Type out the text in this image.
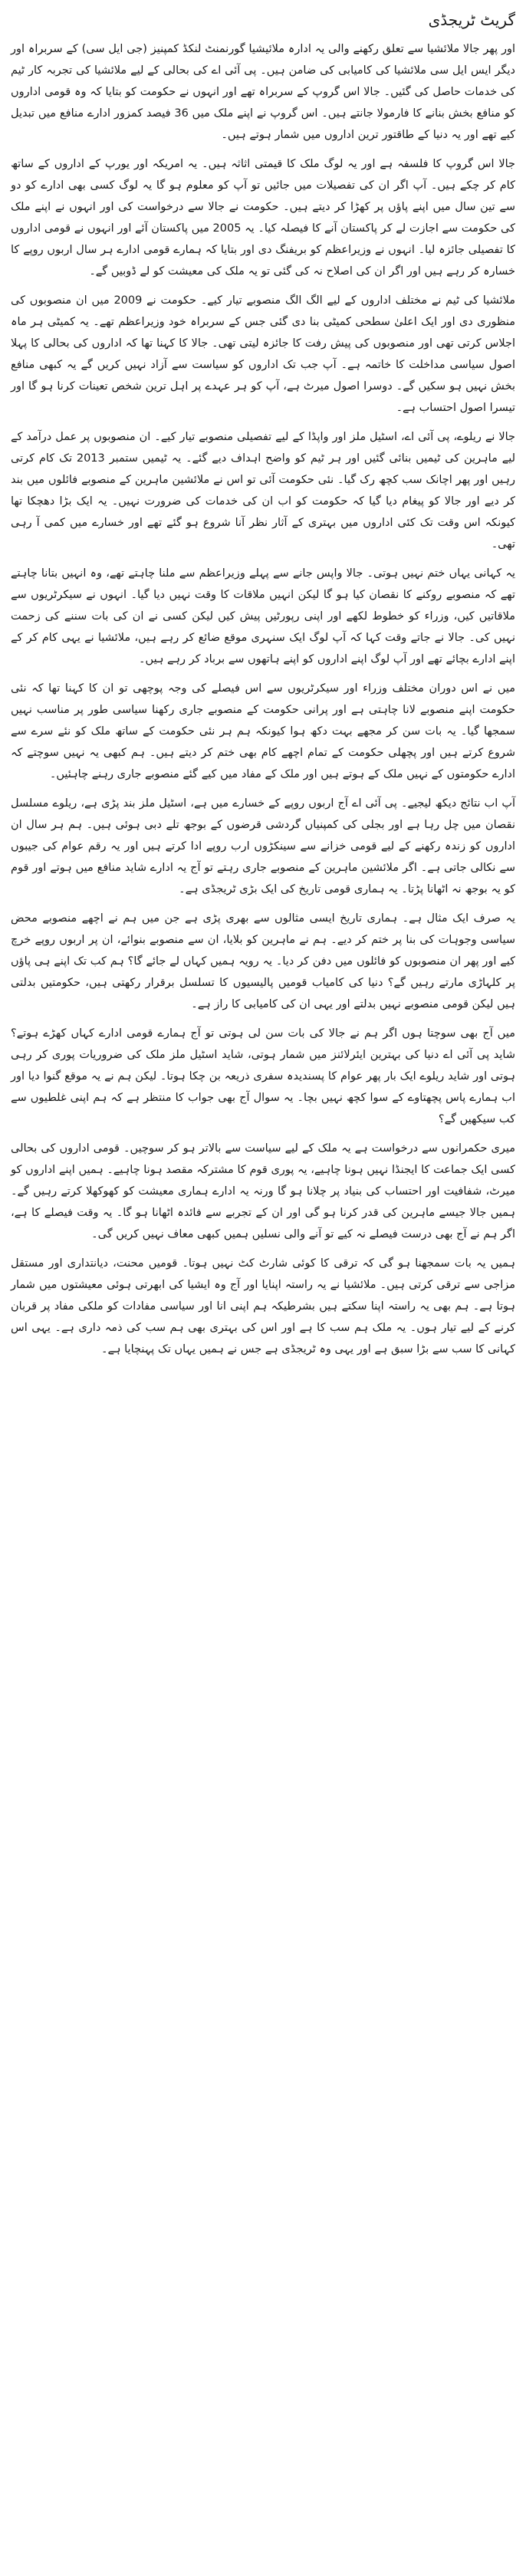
گریٹ ٹریجڈی

اور پھر جالا ملائشیا سے تعلق رکھنے والی یہ ادارہ ملائیشیا گورنمنٹ لنکڈ کمپنیز (جی ایل سی) کے سربراہ اور دیگر ایس ایل سی ملائشیا کی کامیابی کی ضامن ہیں۔ پی آئی اے کی بحالی کے لیے ملائشیا کی تجربہ کار ٹیم کی خدمات حاصل کی گئیں۔ جالا اس گروپ کے سربراہ تھے اور انہوں نے حکومت کو بتایا کہ وہ قومی اداروں کو منافع بخش بنانے کا فارمولا جانتے ہیں۔ اس گروپ نے اپنے ملک میں 36 فیصد کمزور ادارے منافع میں تبدیل کیے تھے اور یہ دنیا کے طاقتور ترین اداروں میں شمار ہوتے ہیں۔

جالا اس گروپ کا فلسفہ ہے اور یہ لوگ ملک کا قیمتی اثاثہ ہیں۔ یہ امریکہ اور یورپ کے اداروں کے ساتھ کام کر چکے ہیں۔ آپ اگر ان کی تفصیلات میں جائیں تو آپ کو معلوم ہو گا یہ لوگ کسی بھی ادارے کو دو سے تین سال میں اپنے پاؤں پر کھڑا کر دیتے ہیں۔ حکومت نے جالا سے درخواست کی اور انہوں نے اپنے ملک کی حکومت سے اجازت لے کر پاکستان آنے کا فیصلہ کیا۔ یہ 2005 میں پاکستان آئے اور انہوں نے قومی اداروں کا تفصیلی جائزہ لیا۔ انہوں نے وزیراعظم کو بریفنگ دی اور بتایا کہ ہمارے قومی ادارے ہر سال اربوں روپے کا خسارہ کر رہے ہیں اور اگر ان کی اصلاح نہ کی گئی تو یہ ملک کی معیشت کو لے ڈوبیں گے۔

ملائشیا کی ٹیم نے مختلف اداروں کے لیے الگ الگ منصوبے تیار کیے۔ حکومت نے 2009 میں ان منصوبوں کی منظوری دی اور ایک اعلیٰ سطحی کمیٹی بنا دی گئی جس کے سربراہ خود وزیراعظم تھے۔ یہ کمیٹی ہر ماہ اجلاس کرتی تھی اور منصوبوں کی پیش رفت کا جائزہ لیتی تھی۔ جالا کا کہنا تھا کہ اداروں کی بحالی کا پہلا اصول سیاسی مداخلت کا خاتمہ ہے۔ آپ جب تک اداروں کو سیاست سے آزاد نہیں کریں گے یہ کبھی منافع بخش نہیں ہو سکیں گے۔ دوسرا اصول میرٹ ہے، آپ کو ہر عہدے پر اہل ترین شخص تعینات کرنا ہو گا اور تیسرا اصول احتساب ہے۔

جالا نے ریلوے، پی آئی اے، اسٹیل ملز اور واپڈا کے لیے تفصیلی منصوبے تیار کیے۔ ان منصوبوں پر عمل درآمد کے لیے ماہرین کی ٹیمیں بنائی گئیں اور ہر ٹیم کو واضح اہداف دیے گئے۔ یہ ٹیمیں ستمبر 2013 تک کام کرتی رہیں اور پھر اچانک سب کچھ رک گیا۔ نئی حکومت آئی تو اس نے ملائشین ماہرین کے منصوبے فائلوں میں بند کر دیے اور جالا کو پیغام دیا گیا کہ حکومت کو اب ان کی خدمات کی ضرورت نہیں۔ یہ ایک بڑا دھچکا تھا کیونکہ اس وقت تک کئی اداروں میں بہتری کے آثار نظر آنا شروع ہو گئے تھے اور خسارے میں کمی آ رہی تھی۔

یہ کہانی یہاں ختم نہیں ہوتی۔ جالا واپس جانے سے پہلے وزیراعظم سے ملنا چاہتے تھے، وہ انہیں بتانا چاہتے تھے کہ منصوبے روکنے کا نقصان کیا ہو گا لیکن انہیں ملاقات کا وقت نہیں دیا گیا۔ انہوں نے سیکرٹریوں سے ملاقاتیں کیں، وزراء کو خطوط لکھے اور اپنی رپورٹیں پیش کیں لیکن کسی نے ان کی بات سننے کی زحمت نہیں کی۔ جالا نے جاتے وقت کہا کہ آپ لوگ ایک سنہری موقع ضائع کر رہے ہیں، ملائشیا نے یہی کام کر کے اپنے ادارے بچائے تھے اور آپ لوگ اپنے اداروں کو اپنے ہاتھوں سے برباد کر رہے ہیں۔

میں نے اس دوران مختلف وزراء اور سیکرٹریوں سے اس فیصلے کی وجہ پوچھی تو ان کا کہنا تھا کہ نئی حکومت اپنے منصوبے لانا چاہتی ہے اور پرانی حکومت کے منصوبے جاری رکھنا سیاسی طور پر مناسب نہیں سمجھا گیا۔ یہ بات سن کر مجھے بہت دکھ ہوا کیونکہ ہم ہر نئی حکومت کے ساتھ ملک کو نئے سرے سے شروع کرتے ہیں اور پچھلی حکومت کے تمام اچھے کام بھی ختم کر دیتے ہیں۔ ہم کبھی یہ نہیں سوچتے کہ ادارے حکومتوں کے نہیں ملک کے ہوتے ہیں اور ملک کے مفاد میں کیے گئے منصوبے جاری رہنے چاہئیں۔

آپ اب نتائج دیکھ لیجیے۔ پی آئی اے آج اربوں روپے کے خسارے میں ہے، اسٹیل ملز بند پڑی ہے، ریلوے مسلسل نقصان میں چل رہا ہے اور بجلی کی کمپنیاں گردشی قرضوں کے بوجھ تلے دبی ہوئی ہیں۔ ہم ہر سال ان اداروں کو زندہ رکھنے کے لیے قومی خزانے سے سینکڑوں ارب روپے ادا کرتے ہیں اور یہ رقم عوام کی جیبوں سے نکالی جاتی ہے۔ اگر ملائشین ماہرین کے منصوبے جاری رہتے تو آج یہ ادارے شاید منافع میں ہوتے اور قوم کو یہ بوجھ نہ اٹھانا پڑتا۔ یہ ہماری قومی تاریخ کی ایک بڑی ٹریجڈی ہے۔

یہ صرف ایک مثال ہے۔ ہماری تاریخ ایسی مثالوں سے بھری پڑی ہے جن میں ہم نے اچھے منصوبے محض سیاسی وجوہات کی بنا پر ختم کر دیے۔ ہم نے ماہرین کو بلایا، ان سے منصوبے بنوائے، ان پر اربوں روپے خرچ کیے اور پھر ان منصوبوں کو فائلوں میں دفن کر دیا۔ یہ رویہ ہمیں کہاں لے جائے گا؟ ہم کب تک اپنے ہی پاؤں پر کلہاڑی مارتے رہیں گے؟ دنیا کی کامیاب قومیں پالیسیوں کا تسلسل برقرار رکھتی ہیں، حکومتیں بدلتی ہیں لیکن قومی منصوبے نہیں بدلتے اور یہی ان کی کامیابی کا راز ہے۔

میں آج بھی سوچتا ہوں اگر ہم نے جالا کی بات سن لی ہوتی تو آج ہمارے قومی ادارے کہاں کھڑے ہوتے؟ شاید پی آئی اے دنیا کی بہترین ایئرلائنز میں شمار ہوتی، شاید اسٹیل ملز ملک کی ضروریات پوری کر رہی ہوتی اور شاید ریلوے ایک بار پھر عوام کا پسندیدہ سفری ذریعہ بن چکا ہوتا۔ لیکن ہم نے یہ موقع گنوا دیا اور اب ہمارے پاس پچھتاوے کے سوا کچھ نہیں بچا۔ یہ سوال آج بھی جواب کا منتظر ہے کہ ہم اپنی غلطیوں سے کب سیکھیں گے؟

میری حکمرانوں سے درخواست ہے یہ ملک کے لیے سیاست سے بالاتر ہو کر سوچیں۔ قومی اداروں کی بحالی کسی ایک جماعت کا ایجنڈا نہیں ہونا چاہیے، یہ پوری قوم کا مشترکہ مقصد ہونا چاہیے۔ ہمیں اپنے اداروں کو میرٹ، شفافیت اور احتساب کی بنیاد پر چلانا ہو گا ورنہ یہ ادارے ہماری معیشت کو کھوکھلا کرتے رہیں گے۔ ہمیں جالا جیسے ماہرین کی قدر کرنا ہو گی اور ان کے تجربے سے فائدہ اٹھانا ہو گا۔ یہ وقت فیصلے کا ہے، اگر ہم نے آج بھی درست فیصلے نہ کیے تو آنے والی نسلیں ہمیں کبھی معاف نہیں کریں گی۔

ہمیں یہ بات سمجھنا ہو گی کہ ترقی کا کوئی شارٹ کٹ نہیں ہوتا۔ قومیں محنت، دیانتداری اور مستقل مزاجی سے ترقی کرتی ہیں۔ ملائشیا نے یہ راستہ اپنایا اور آج وہ ایشیا کی ابھرتی ہوئی معیشتوں میں شمار ہوتا ہے۔ ہم بھی یہ راستہ اپنا سکتے ہیں بشرطیکہ ہم اپنی انا اور سیاسی مفادات کو ملکی مفاد پر قربان کرنے کے لیے تیار ہوں۔ یہ ملک ہم سب کا ہے اور اس کی بہتری بھی ہم سب کی ذمہ داری ہے۔ یہی اس کہانی کا سب سے بڑا سبق ہے اور یہی وہ ٹریجڈی ہے جس نے ہمیں یہاں تک پہنچایا ہے۔
